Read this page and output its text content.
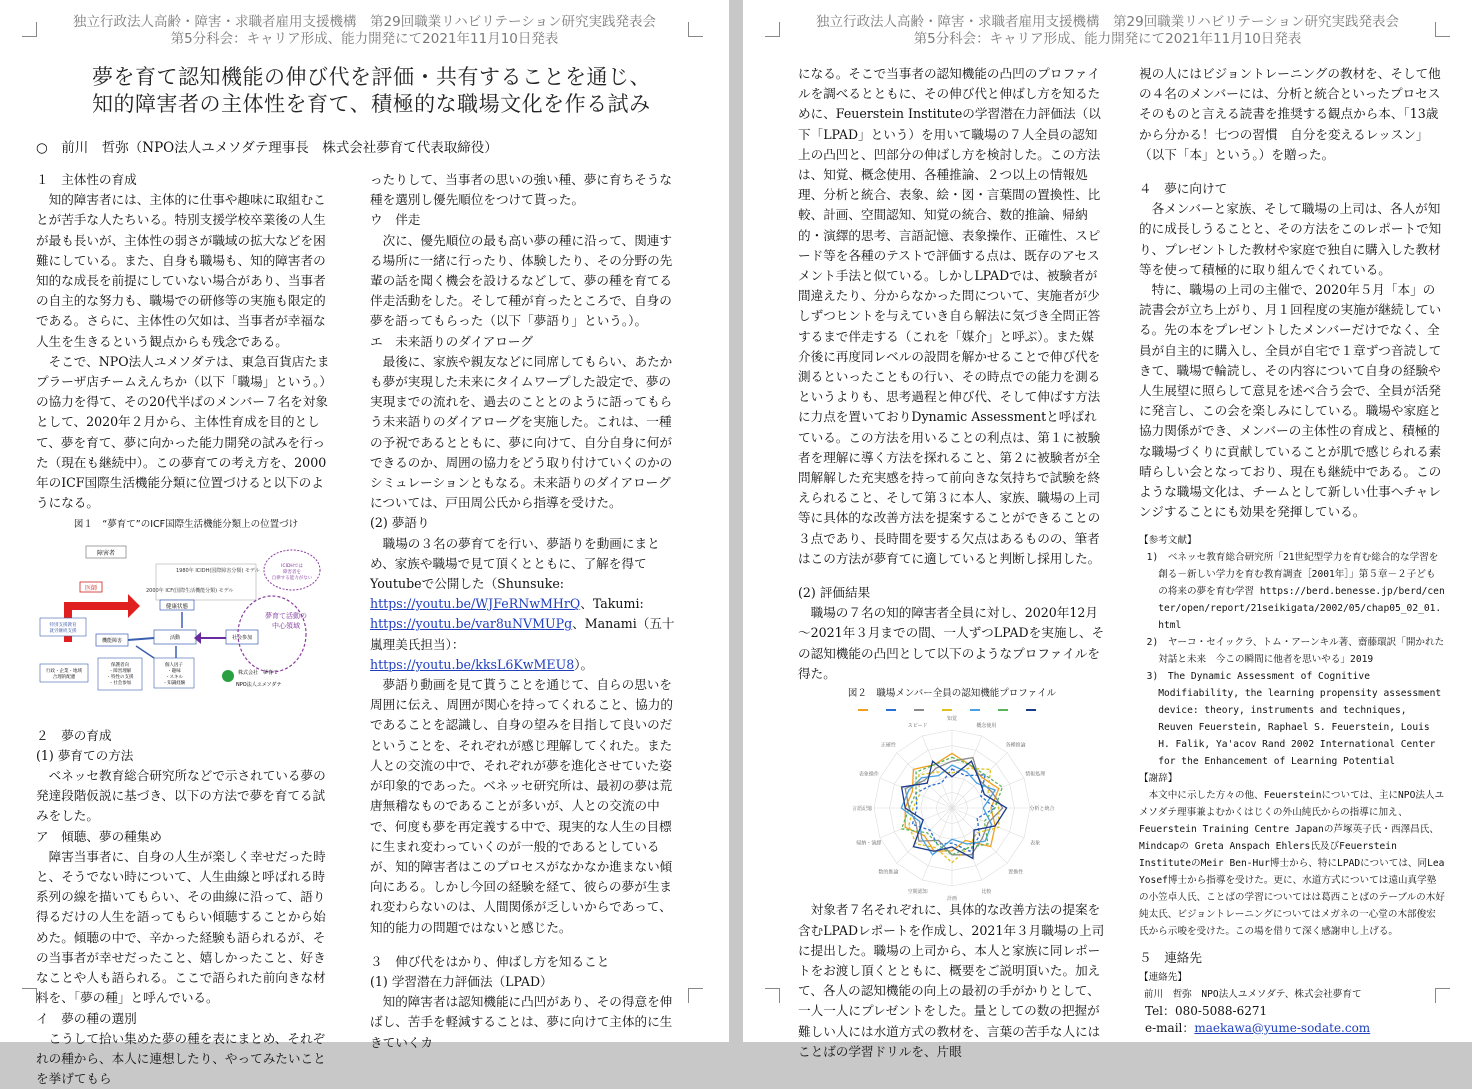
独立行政法人高齢・障害・求職者雇用支援機構　第29回職業リハビリテーション研究実践発表会
第5分科会：キャリア形成、能力開発にて2021年11月10日発表
夢を育て認知機能の伸び代を評価・共有することを通じ、
知的障害者の主体性を育て、積極的な職場文化を作る試み
○　前川　哲弥（NPO法人ユメソダテ理事長　株式会社夢育て代表取締役）

１　主体性の育成

知的障害者には、主体的に仕事や趣味に取組むことが苦手な人たちいる。特別支援学校卒業後の人生が最も長いが、主体性の弱さが職域の拡大などを困難にしている。また、自身も職場も、知的障害者の知的な成長を前提にしていない場合があり、当事者の自主的な努力も、職場での研修等の実施も限定的である。さらに、主体性の欠如は、当事者が幸福な人生を生きるという観点からも残念である。

そこで、NPO法人ユメソダテは、東急百貨店たまプラーザ店チームえんちか（以下「職場」という。）の協力を得て、その20代半ばのメンバー７名を対象として、2020年２月から、主体性育成を目的として、夢を育て、夢に向かった能力開発の試みを行った（現在も継続中）。この夢育ての考え方を、2000年のICF国際生活機能分類に位置づけると以下のようになる。

図１　“夢育て”のICF国際生活機能分類上の位置づけ

障害者
1980年 ICIDH(国際障害分類) モデル
2000年 ICF(国際生活機能分類) モデル
ICIDHでは
障害者を
自律する能力がない
医師
健康状態
機能障害	活動	社会参加
夢育て活動の
中心領域
特別支援教育
就労継続支援
行政・企業・地域
合理的配慮
保護者向
・障害理解
・特性の支援
・社会参加
個人因子
・趣味
・スキル
・知識経験
株式会社　夢育て
NPO法人ユメソダテ

２　夢の育成

(1) 夢育ての方法

ベネッセ教育総合研究所などで示されている夢の発達段階仮説に基づき、以下の方法で夢を育てる試みをした。

ア　傾聴、夢の種集め

障害当事者に、自身の人生が楽しく幸せだった時と、そうでない時について、人生曲線と呼ばれる時系列の線を描いてもらい、その曲線に沿って、語り得るだけの人生を語ってもらい傾聴することから始めた。傾聴の中で、辛かった経験も語られるが、その当事者が幸せだったこと、嬉しかったこと、好きなことや人も語られる。ここで語られた前向きな材料を、「夢の種」と呼んでいる。

イ　夢の種の選別

こうして拾い集めた夢の種を表にまとめ、それぞれの種から、本人に連想したり、やってみたいことを挙げてもら

ったりして、当事者の思いの強い種、夢に育ちそうな種を選別し優先順位をつけて貰った。

ウ　伴走

次に、優先順位の最も高い夢の種に沿って、関連する場所に一緒に行ったり、体験したり、その分野の先輩の話を聞く機会を設けるなどして、夢の種を育てる伴走活動をした。そして種が育ったところで、自身の夢を語ってもらった（以下「夢語り」という。）。

エ　未来語りのダイアローグ

最後に、家族や親友などに同席してもらい、あたかも夢が実現した未来にタイムワープした設定で、夢の実現までの流れを、過去のこととのように語ってもらう未来語りのダイアローグを実施した。これは、一種の予祝であるとともに、夢に向けて、自分自身に何ができるのか、周囲の協力をどう取り付けていくのかのシミュレーションともなる。未来語りのダイアローグについては、戸田周公氏から指導を受けた。

(2) 夢語り

職場の３名の夢育てを行い、夢語りを動画にまとめ、家族や職場で見て頂くとともに、了解を得てYoutubeで公開した（Shunsuke: https://youtu.be/WJFeRNwMHrQ、Takumi: https://youtu.be/var8uNVMUPg、Manami（五十嵐理美氏担当）：https://youtu.be/kksL6KwMEU8）。

夢語り動画を見て貰うことを通じて、自らの思いを周囲に伝え、周囲が関心を持ってくれること、協力的であることを認識し、自身の望みを目指して良いのだということを、それぞれが感じ理解してくれた。また人との交流の中で、それぞれが夢を進化させていた姿が印象的であった。ベネッセ研究所は、最初の夢は荒唐無稽なものであることが多いが、人との交流の中で、何度も夢を再定義する中で、現実的な人生の目標に生まれ変わっていくのが一般的であるとしているが、知的障害者はこのプロセスがなかなか進まない傾向にある。しかし今回の経験を経て、彼らの夢が生まれ変わらないのは、人間関係が乏しいからであって、知的能力の問題ではないと感じた。

３　伸び代をはかり、伸ばし方を知ること

(1) 学習潜在力評価法（LPAD）

知的障害者は認知機能に凸凹があり、その得意を伸ばし、苦手を軽減することは、夢に向けて主体的に生きていくカ

独立行政法人高齢・障害・求職者雇用支援機構　第29回職業リハビリテーション研究実践発表会
第5分科会：キャリア形成、能力開発にて2021年11月10日発表

になる。そこで当事者の認知機能の凸凹のプロファイルを調べるとともに、その伸び代と伸ばし方を知るために、Feuerstein Instituteの学習潜在力評価法（以下「LPAD」という）を用いて職場の７人全員の認知上の凸凹と、凹部分の伸ばし方を検討した。この方法は、知覚、概念使用、各種推論、２つ以上の情報処理、分析と統合、表象、絵・図・言葉間の置換性、比較、計画、空間認知、知覚の統合、数的推論、帰納的・演繹的思考、言語記憶、表象操作、正確性、スピード等を各種のテストで評価する点は、既存のアセスメント手法と似ている。しかしLPADでは、被験者が間違えたり、分からなかった問について、実施者が少しずつヒントを与えていき自ら解法に気づき全問正答するまで伴走する（これを「媒介」と呼ぶ）。また媒介後に再度同レベルの設問を解かせることで伸び代を測るといったこともの行い、その時点での能力を測るというよりも、思考過程と伸び代、そして伸ばす方法に力点を置いておりDynamic Assessmentと呼ばれている。この方法を用いることの利点は、第１に被験者を理解に導く方法を探れること、第２に被験者が全問解解した充実感を持って前向きな気持ちで試験を終えられること、そして第３に本人、家族、職場の上司等に具体的な改善方法を提案することができることの３点であり、長時間を要する欠点はあるものの、筆者はこの方法が夢育てに適していると判断し採用した。

(2) 評価結果

職場の７名の知的障害者全員に対し、2020年12月～2021年３月までの間、一人ずつLPADを実施し、その認知機能の凸凹として以下のようなプロファイルを得た。

図２　職場メンバー全員の認知機能プロファイル

知覚
概念使用
各種推論
情報処理
分析と統合
表象
置換性
比較
計画
空間認知
数的推論
帰納・演繹
言語記憶
表象操作
正確性
スピード

対象者７名それぞれに、具体的な改善方法の提案を含むLPADレポートを作成し、2021年３月職場の上司に提出した。職場の上司から、本人と家族に同レポートをお渡し頂くとともに、概要をご説明頂いた。加えて、各人の認知機能の向上の最初の手がかりとして、一人一人にプレゼントをした。量としての数の把握が難しい人には水道方式の教材を、言葉の苦手な人にはことばの学習ドリルを、片眼

視の人にはビジョントレーニングの教材を、そして他の４名のメンバーには、分析と統合といったプロセスそのものと言える読書を推奨する観点から本、「13歳から分かる！七つの習慣　自分を変えるレッスン」（以下「本」という。）を贈った。

４　夢に向けて

各メンバーと家族、そして職場の上司は、各人が知的に成長しうることと、その方法をこのレポートで知り、プレゼントした教材や家庭で独自に購入した教材等を使って積極的に取り組んでくれている。

特に、職場の上司の主催で、2020年５月「本」の読書会が立ち上がり、月１回程度の実施が継続している。先の本をプレゼントしたメンバーだけでなく、全員が自主的に購入し、全員が自宅で１章ずつ音読してきて、職場で輪読し、その内容について自身の経験や人生展望に照らして意見を述べ合う会で、全員が活発に発言し、この会を楽しみにしている。職場や家庭と協力関係ができ、メンバーの主体性の育成と、積極的な職場づくりに貢献していることが肌で感じられる素晴らしい会となっており、現在も継続中である。このような職場文化は、チームとして新しい仕事へチャレンジすることにも効果を発揮している。

【参考文献】

1)　ベネッセ教育総合研究所「21世紀型学力を育む総合的な学習を創る－新しい学力を育む教育調査［2001年］」第５章－２子どもの将来の夢を育む学習 https://berd.benesse.jp/berd/center/open/report/21seikigata/2002/05/chap05_02_01.html

2)　ヤーコ・セイックラ、トム・アーンキル著、齋藤環訳「開かれた対話と未来　今この瞬間に他者を思いやる」2019

3)　The Dynamic Assessment of Cognitive Modifiability, the learning propensity assessment device: theory, instruments and techniques, Reuven Feuerstein, Raphael S. Feuerstein, Louis H. Falik, Ya'acov Rand 2002 International Center for the Enhancement of Learning Potential

【謝辞】

本文中に示した方々の他、Feuersteinについては、主にNPO法人ユメソダテ理事兼よむかくはじくの外山純氏からの指導に加え、Feuerstein Training Centre Japanの芦塚英子氏・西澤昌氏、Mindcapの Greta Anspach Ehlers氏及びFeuerstein InstituteのMeir Ben-Hur博士から、特にLPADについては、同Lea Yosef博士から指導を受けた。更に、水道方式については遠山真学塾の小笠卓人氏、ことばの学習についてはは葛西ことばのテーブルの木好純太氏、ビジョントレーニングについてはメガネの一心堂の木部俊宏氏から示唆を受けた。この場を借りて深く感謝申し上げる。

５　連絡先

【連絡先】

前川　哲弥　NPO法人ユメソダテ、株式会社夢育て

Tel：080-5088-6271

e-mail：maekawa@yume-sodate.com
